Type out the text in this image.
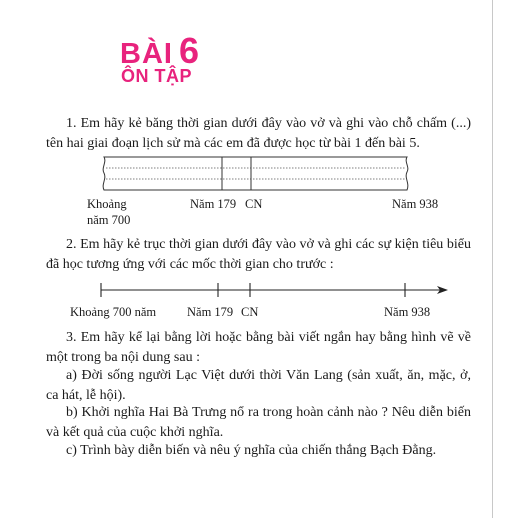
BÀI 6
ÔN TẬP
1. Em hãy kẻ băng thời gian dưới đây vào vở và ghi vào chỗ chấm (...) tên hai giai đoạn lịch sử mà các em đã được học từ bài 1 đến bài 5.
Khoảng
năm 700
Năm 179 CN	Năm 938
2. Em hãy kẻ trục thời gian dưới đây vào vở và ghi các sự kiện tiêu biểu đã học tương ứng với các mốc thời gian cho trước :
Khoảng 700 năm Năm 179 CN	Năm 938
3. Em hãy kể lại bằng lời hoặc bằng bài viết ngắn hay bằng hình vẽ về một trong ba nội dung sau :
a) Đời sống người Lạc Việt dưới thời Văn Lang (sản xuất, ăn, mặc, ở, ca hát, lễ hội).
b) Khởi nghĩa Hai Bà Trưng nổ ra trong hoàn cảnh nào ? Nêu diễn biến và kết quả của cuộc khởi nghĩa.
c) Trình bày diễn biến và nêu ý nghĩa của chiến thắng Bạch Đằng.
